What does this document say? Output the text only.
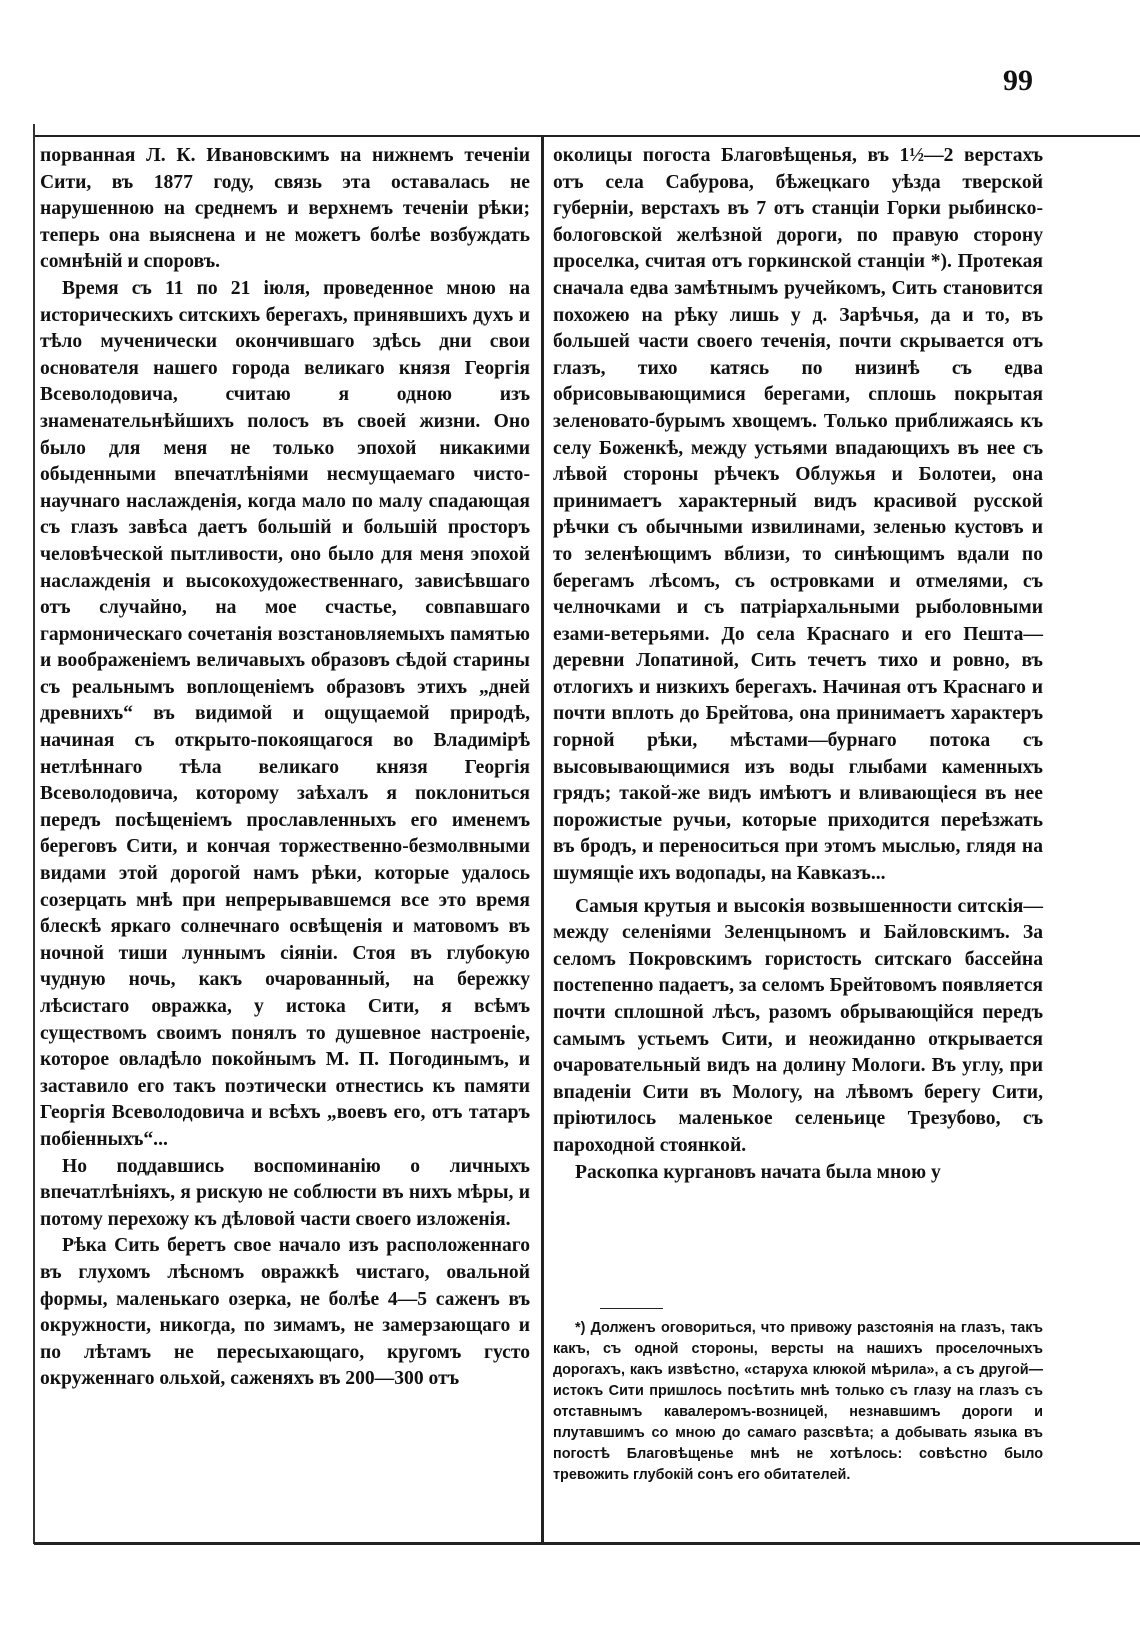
99

порванная Л. К. Ивановскимъ на нижнемъ теченіи Сити, въ 1877 году, связь эта оставалась не нарушенною на среднемъ и верхнемъ теченіи рѣки; теперь она выяснена и не можетъ болѣе возбуждать сомнѣній и споровъ.

Время съ 11 по 21 іюля, проведенное мною на историческихъ ситскихъ берегахъ, принявшихъ духъ и тѣло мученически окончившаго здѣсь дни свои основателя нашего города великаго князя Георгія Всеволодовича, считаю я одною изъ знаменательнѣйшихъ полосъ въ своей жизни. Оно было для меня не только эпохой никакими обыденными впечатлѣніями несмущаемаго чисто-научнаго наслажденія, когда мало по малу спадающая съ глазъ завѣса даетъ большій и большій просторъ человѣческой пытливости, оно было для меня эпохой наслажденія и высокохудожественнаго, зависѣвшаго отъ случайно, на мое счастье, совпавшаго гармоническаго сочетанія возстановляемыхъ памятью и воображеніемъ величавыхъ образовъ сѣдой старины съ реальнымъ воплощеніемъ образовъ этихъ „дней древнихъ“ въ видимой и ощущаемой природѣ, начиная съ открыто-покоящагося во Владимірѣ нетлѣннаго тѣла великаго князя Георгія Всеволодовича, которому заѣхалъ я поклониться передъ посѣщеніемъ прославленныхъ его именемъ береговъ Сити, и кончая торжественно-безмолвными видами этой дорогой намъ рѣки, которые удалось созерцать мнѣ при непрерывавшемся все это время блескѣ яркаго солнечнаго освѣщенія и матовомъ въ ночной тиши луннымъ сіяніи. Стоя въ глубокую чудную ночь, какъ очарованный, на бережку лѣсистаго овражка, у истока Сити, я всѣмъ существомъ своимъ понялъ то душевное настроеніе, которое овладѣло покойнымъ М. П. Погодинымъ, и заставило его такъ поэтически отнестись къ памяти Георгія Всеволодовича и всѣхъ „воевъ его, отъ татаръ побіенныхъ“...

Но поддавшись воспоминанію о личныхъ впечатлѣніяхъ, я рискую не соблюсти въ нихъ мѣры, и потому перехожу къ дѣловой части своего изложенія.

Рѣка Сить беретъ свое начало изъ расположеннаго въ глухомъ лѣсномъ овражкѣ чистаго, овальной формы, маленькаго озерка, не болѣе 4—5 саженъ въ окружности, никогда, по зимамъ, не замерзающаго и по лѣтамъ не пересыхающаго, кругомъ густо окруженнаго ольхой, саженяхъ въ 200—300 отъ

околицы погоста Благовѣщенья, въ 1½—2 верстахъ отъ села Сабурова, бѣжецкаго уѣзда тверской губерніи, верстахъ въ 7 отъ станціи Горки рыбинско-бологовской желѣзной дороги, по правую сторону проселка, считая отъ горкинской станціи *). Протекая сначала едва замѣтнымъ ручейкомъ, Сить становится похожею на рѣку лишь у д. Зарѣчья, да и то, въ большей части своего теченія, почти скрывается отъ глазъ, тихо катясь по низинѣ съ едва обрисовывающимися берегами, сплошь покрытая зеленовато-бурымъ хвощемъ. Только приближаясь къ селу Боженкѣ, между устьями впадающихъ въ нее съ лѣвой стороны рѣчекъ Облужья и Болотеи, она принимаетъ характерный видъ красивой русской рѣчки съ обычными извилинами, зеленью кустовъ и то зеленѣющимъ вблизи, то синѣющимъ вдали по берегамъ лѣсомъ, съ островками и отмелями, съ челночками и съ патріархальными рыболовными езами-ветерьями. До села Краснаго и его Пешта—деревни Лопатиной, Сить течетъ тихо и ровно, въ отлогихъ и низкихъ берегахъ. Начиная отъ Краснаго и почти вплоть до Брейтова, она принимаетъ характеръ горной рѣки, мѣстами—бурнаго потока съ высовывающимися изъ воды глыбами каменныхъ грядъ; такой-же видъ имѣютъ и вливающіеся въ нее порожистые ручьи, которые приходится переѣзжать въ бродъ, и переноситься при этомъ мыслью, глядя на шумящіе ихъ водопады, на Кавказъ...

Самыя крутыя и высокія возвышенности ситскія—между селеніями Зеленцыномъ и Байловскимъ. За селомъ Покровскимъ гористость ситскаго бассейна постепенно падаетъ, за селомъ Брейтовомъ появляется почти сплошной лѣсъ, разомъ обрывающійся передъ самымъ устьемъ Сити, и неожиданно открывается очаровательный видъ на долину Мологи. Въ углу, при впаденіи Сити въ Мологу, на лѣвомъ берегу Сити, пріютилось маленькое селеньице Трезубово, съ пароходной стоянкой.

Раскопка кургановъ начата была мною у

*) Долженъ оговориться, что привожу разстоянія на глазъ, такъ какъ, съ одной стороны, версты на нашихъ проселочныхъ дорогахъ, какъ извѣстно, «старуха клюкой мѣрила», а съ другой—истокъ Сити пришлось посѣтить мнѣ только съ глазу на глазъ съ отставнымъ кавалеромъ-возницей, незнавшимъ дороги и плутавшимъ со мною до самаго разсвѣта; а добывать языка въ погостѣ Благовѣщенье мнѣ не хотѣлось: совѣстно было тревожить глубокій сонъ его обитателей.
